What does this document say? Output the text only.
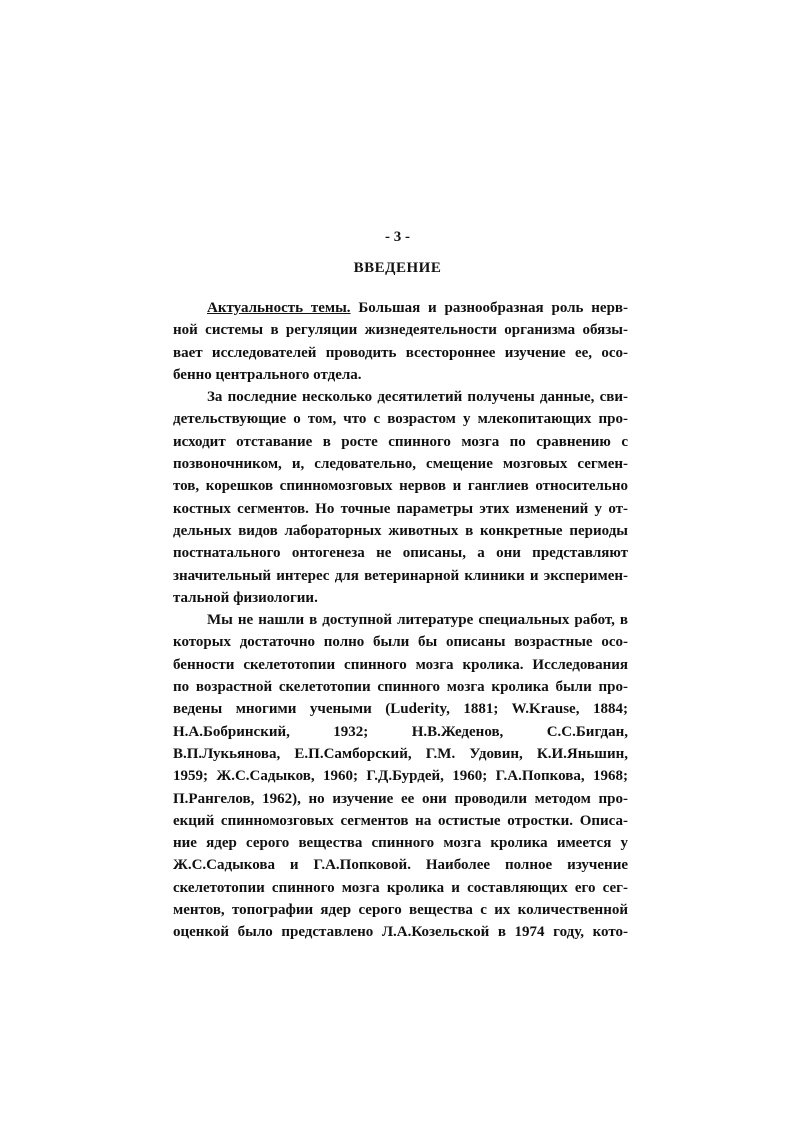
- 3 -
ВВЕДЕНИЕ
Актуальность темы. Большая и разнообразная роль нерв-
ной системы в регуляции жизнедеятельности организма обязы-
вает исследователей проводить всестороннее изучение ее, осо-
бенно центрального отдела.
За последние несколько десятилетий получены данные, сви-
детельствующие о том, что с возрастом у млекопитающих про-
исходит отставание в росте спинного мозга по сравнению с
позвоночником, и, следовательно, смещение мозговых сегмен-
тов, корешков спинномозговых нервов и ганглиев относительно
костных сегментов. Но точные параметры этих изменений у от-
дельных видов лабораторных животных в конкретные периоды
постнатального онтогенеза не описаны, а они представляют
значительный интерес для ветеринарной клиники и эксперимен-
тальной физиологии.
Мы не нашли в доступной литературе специальных работ, в
которых достаточно полно были бы описаны возрастные осо-
бенности скелетотопии спинного мозга кролика. Исследования
по возрастной скелетотопии спинного мозга кролика были про-
ведены многими учеными (Luderity, 1881; W.Krause, 1884;
Н.А.Бобринский, 1932; Н.В.Жеденов, С.С.Бигдан,
В.П.Лукьянова, Е.П.Самборский, Г.М. Удовин, К.И.Яньшин,
1959; Ж.С.Садыков, 1960; Г.Д.Бурдей, 1960; Г.А.Попкова, 1968;
П.Рангелов, 1962), но изучение ее они проводили методом про-
екций спинномозговых сегментов на остистые отростки. Описа-
ние ядер серого вещества спинного мозга кролика имеется у
Ж.С.Садыкова и Г.А.Попковой. Наиболее полное изучение
скелетотопии спинного мозга кролика и составляющих его сег-
ментов, топографии ядер серого вещества с их количественной
оценкой было представлено Л.А.Козельской в 1974 году, кото-
